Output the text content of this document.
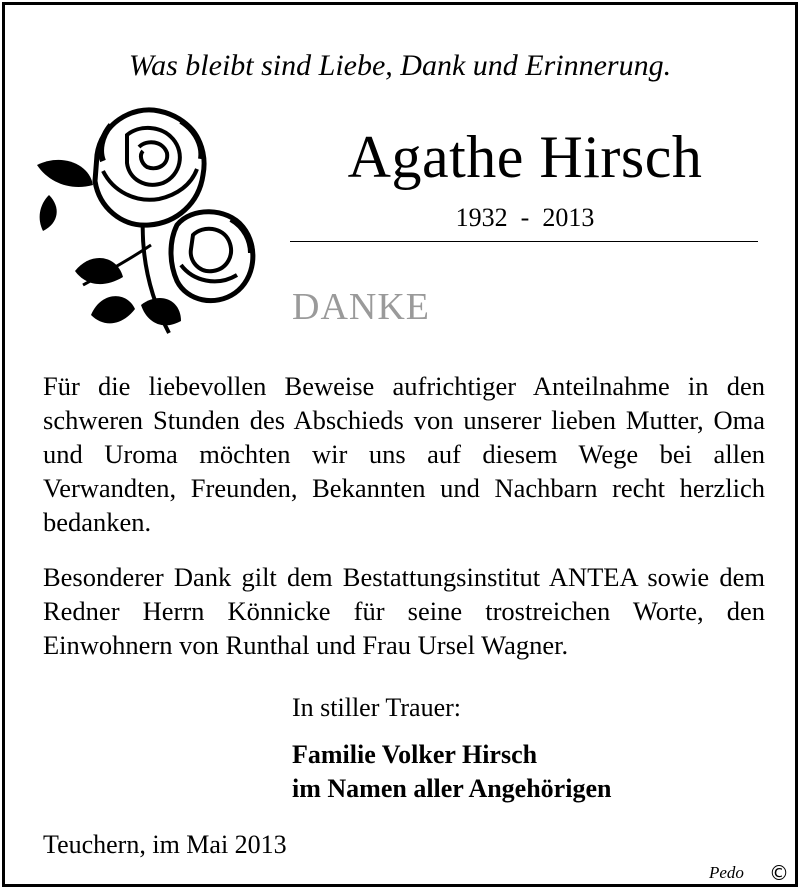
Was bleibt sind Liebe, Dank und Erinnerung.
Agathe Hirsch
1932  -  2013
DANKE

Für die liebevollen Beweise aufrichtiger Anteilnahme in den schweren Stunden des Abschieds von unserer lieben Mutter, Oma und Uroma möchten wir uns auf diesem Wege bei allen Verwandten, Freunden, Bekannten und Nachbarn recht herzlich bedanken.

Besonderer Dank gilt dem Bestattungsinstitut ANTEA sowie dem Redner Herrn Könnicke für seine trostreichen Worte, den Einwohnern von Runthal und Frau Ursel Wagner.

In stiller Trauer:
Familie Volker Hirsch
im Namen aller Angehörigen
Teuchern, im Mai 2013
Pedo ©
